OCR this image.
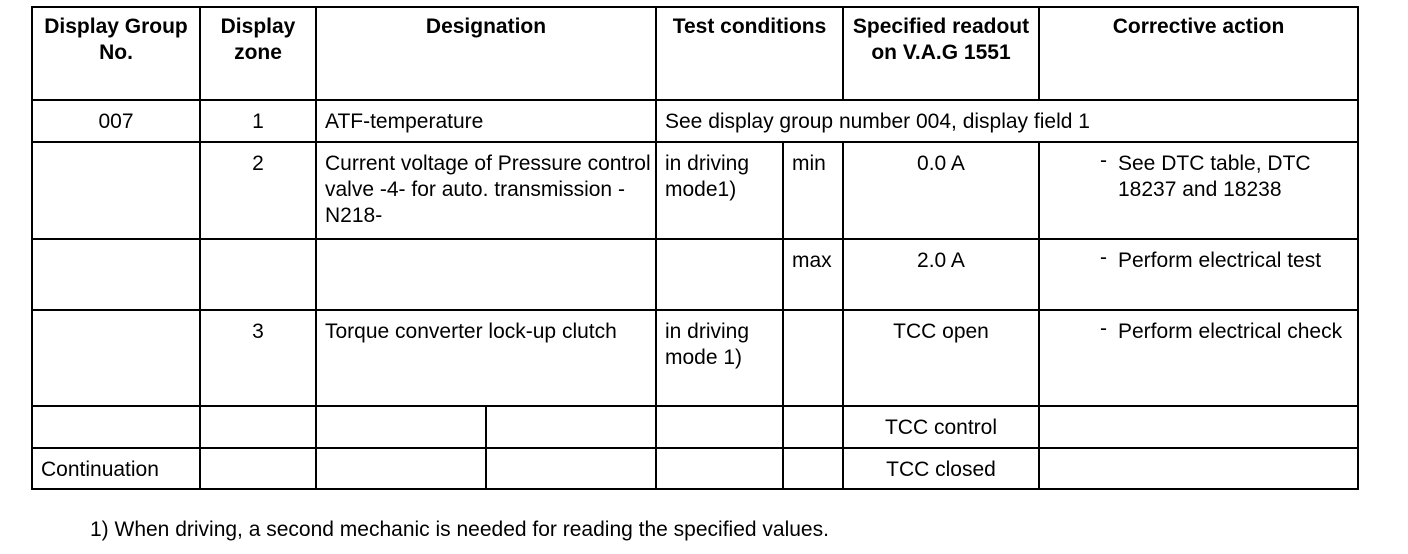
Display Group No.	Display zone	Designation		Test conditions		Specified readout on V.A.G 1551	Corrective action
007	1	ATF-temperature		See display group number 004, display field 1			
	2	Current voltage of Pressure control valve -4- for auto. transmission -N218-		in driving mode1)	min	0.0 A	- See DTC table, DTC 18237 and 18238
					max	2.0 A	- Perform electrical test
	3	Torque converter lock-up clutch		in driving mode 1)		TCC open	- Perform electrical check
						TCC control	
Continuation						TCC closed	
1) When driving, a second mechanic is needed for reading the specified values.
